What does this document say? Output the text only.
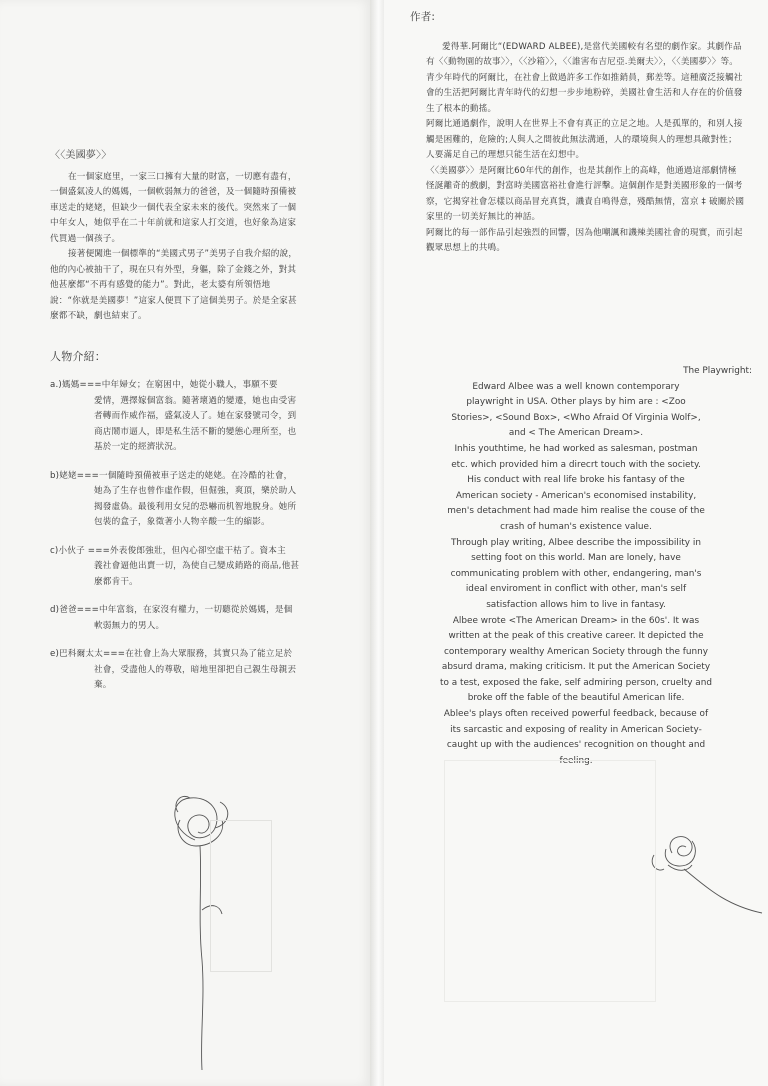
〈〈美國夢〉〉

在一個家庭里，一家三口擁有大量的財富，一切應有盡有，一個盛氣凌人的媽媽，一個軟弱無力的爸爸，及一個隨時預備被車送走的姥姥，但缺少一個代表全家未來的後代。突然來了一個中年女人，她似乎在二十年前就和這家人打交道，也好象為這家代買過一個孩子。

接著便闖進一個標準的“美國式男子”美男子自我介紹的說，他的內心被抽干了，現在只有外型，身軀，除了金錢之外，對其他甚麼都“不再有感覺的能力”。對此，老太婆有所領悟地說：“你就是美國夢！”這家人便買下了這個美男子。於是全家甚麼都不缺，劇也結束了。

人物介紹：
a.)媽媽===中年婦女；在窮困中，她從小職人，事願不要
愛情，選擇嫁個富翁。隨著壞過的變遷，她也由受害者轉而作威作福，盛氣凌人了。她在家發號司令，到商店鬧市逼人，即是私生活不斷的變態心理所至，也基於一定的經濟狀況。
b)姥姥===一個隨時預備被車子送走的姥姥。在冷酷的社會，
她為了生存也曾作虛作假，但倔強，爽頂，樂於助人揭發虛偽。最後利用女兒的恐嚇而机智地脫身。她所包裝的盒子，象徵著小人物辛酸一生的縮影。
c)小伙子 ===外表俊郎強壯，但內心卻空虛干枯了。資本主
義社會逼他出賣一切，為使自己變成銷路的商品,他甚麼都肯干。
d)爸爸===中年富翁，在家沒有權力，一切聽從於媽媽，是個
軟弱無力的男人。
e)巴科爾太太===在社會上為大眾服務，其實只為了能立足於
社會，受盡他人的尊敬，暗地里卻把自己親生母親丟棄。
作者:

愛得華.阿爾比“(EDWARD ALBEE),是當代美國較有名望的劇作家。其劇作品有〈〈動物園的故事〉〉，〈〈沙箱〉〉，〈〈誰害布吉尼亞.美爾夫〉〉，〈〈美國夢〉〉等。青少年時代的阿爾比，在社會上做過許多工作如推銷員，郵差等。這種廣泛接觸社會的生活把阿爾比青年時代的幻想一步步地粉碎，美國社會生活和人存在的价值發生了根本的動搖。

阿爾比通過劇作，說明人在世界上不會有真正的立足之地。人是孤單的，和別人接觸是困難的，危險的;人與人之間彼此無法溝通，人的環境與人的理想具敵對性；人要滿足自己的理想只能生活在幻想中。

〈〈美國夢〉〉是阿爾比60年代的創作，也是其創作上的高峰，他通過這部劇情極怪誕離奇的戲劇，對富時美國富裕社會進行評擊。這個創作是對美國形象的一個考察，它揭穿社會怎樣以商品冒充真貨，譏責自鳴得意，殘酷無情，富京 ‡ 破關於國家里的一切美好無比的神話。

阿爾比的每一部作品引起強烈的回響，因為他嘲諷和譏辣美國社會的現實，而引起觀眾思想上的共鳴。

The Playwright:
Edward Albee was a well known contemporary
playwright in USA. Other plays by him are : <Zoo
Stories>, <Sound Box>, <Who Afraid Of Virginia Wolf>,
and < The American Dream>.
Inhis youthtime, he had worked as salesman, postman
etc. which provided him a direcrt touch with the society.
His conduct with real life broke his fantasy of the
American society - American's economised instability,
men's detachment had made him realise the couse of the
crash of human's existence value.
Through play writing, Albee describe the impossibility in
setting foot on this world. Man are lonely, have
communicating problem with other, endangering, man's
ideal enviroment in conflict with other, man's self
satisfaction allows him to live in fantasy.
Albee wrote <The American Dream> in the 60s'. It was
written at the peak of this creative career. It depicted the
contemporary wealthy American Society through the funny
absurd drama, making criticism. It put the American Society
to a test, exposed the fake, self admiring person, cruelty and
broke off the fable of the beautiful American life.
Ablee's plays often received powerful feedback, because of
its sarcastic and exposing of reality in American Society-
caught up with the audiences' recognition on thought and
feeling.
